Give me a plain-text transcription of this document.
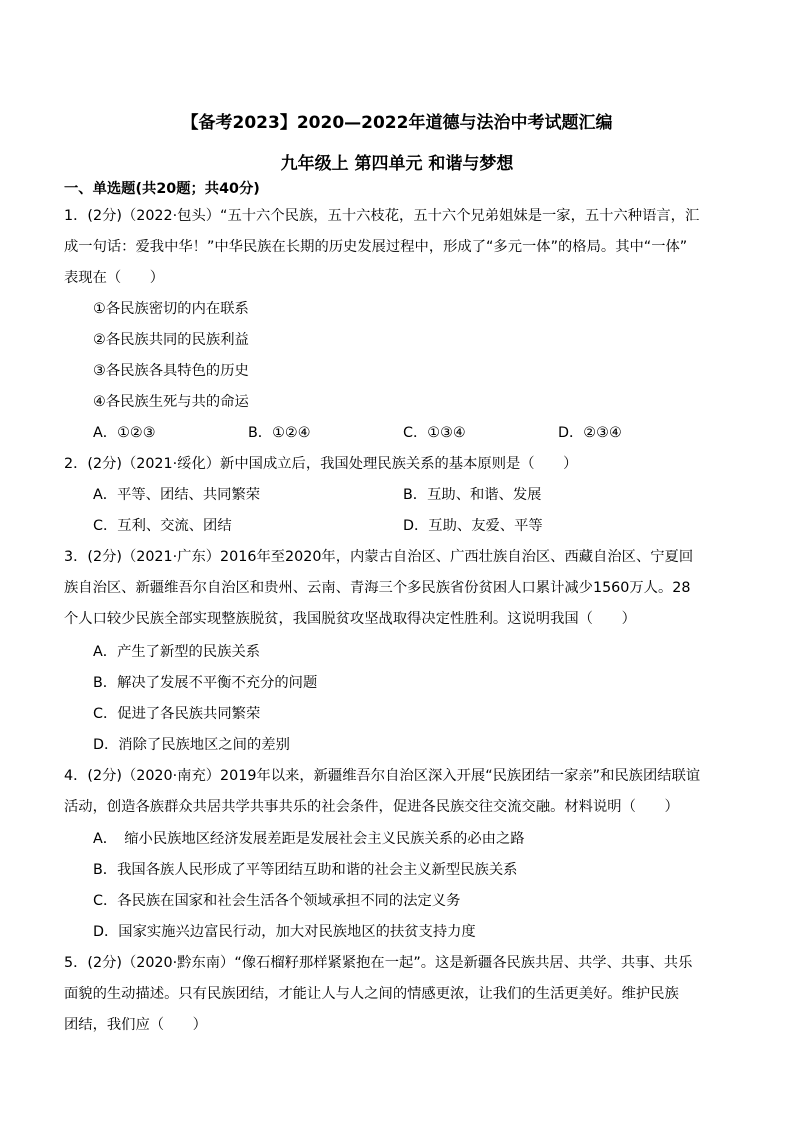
【备考2023】2020—2022年道德与法治中考试题汇编
九年级上 第四单元 和谐与梦想
一、单选题(共20题；共40分)
1．(2分)（2022·包头）“五十六个民族，五十六枝花，五十六个兄弟姐妹是一家，五十六种语言，汇
成一句话：爱我中华！”中华民族在长期的历史发展过程中，形成了“多元一体”的格局。其中“一体”
表现在（　　）
①各民族密切的内在联系
②各民族共同的民族利益
③各民族各具特色的历史
④各民族生死与共的命运
A．①②③	B．①②④	C．①③④	D．②③④
2．(2分)（2021·绥化）新中国成立后，我国处理民族关系的基本原则是（　　）
A．平等、团结、共同繁荣	B．互助、和谐、发展
C．互利、交流、团结	D．互助、友爱、平等
3．(2分)（2021·广东）2016年至2020年，内蒙古自治区、广西壮族自治区、西藏自治区、宁夏回
族自治区、新疆维吾尔自治区和贵州、云南、青海三个多民族省份贫困人口累计减少1560万人。28
个人口较少民族全部实现整族脱贫，我国脱贫攻坚战取得决定性胜利。这说明我国（　　）
A．产生了新型的民族关系
B．解决了发展不平衡不充分的问题
C．促进了各民族共同繁荣
D．消除了民族地区之间的差别
4．(2分)（2020·南充）2019年以来，新疆维吾尔自治区深入开展“民族团结一家亲”和民族团结联谊
活动，创造各族群众共居共学共事共乐的社会条件，促进各民族交往交流交融。材料说明（　　）
A．　缩小民族地区经济发展差距是发展社会主义民族关系的必由之路
B．我国各族人民形成了平等团结互助和谐的社会主义新型民族关系
C．各民族在国家和社会生活各个领域承担不同的法定义务
D．国家实施兴边富民行动，加大对民族地区的扶贫支持力度
5．(2分)（2020·黔东南）“像石榴籽那样紧紧抱在一起”。这是新疆各民族共居、共学、共事、共乐
面貌的生动描述。只有民族团结，才能让人与人之间的情感更浓，让我们的生活更美好。维护民族
团结，我们应（　　）
